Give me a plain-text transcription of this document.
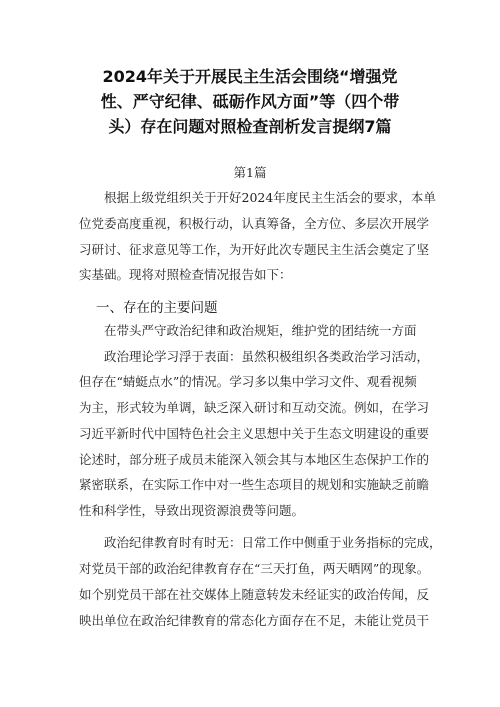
2024年关于开展民主生活会围绕“增强党
性、严守纪律、砥砺作风方面”等（四个带
头）存在问题对照检查剖析发言提纲7篇
第1篇
根据上级党组织关于开好2024年度民主生活会的要求，本单
位党委高度重视，积极行动，认真筹备，全方位、多层次开展学
习研讨、征求意见等工作，为开好此次专题民主生活会奠定了坚
实基础。现将对照检查情况报告如下：
一、存在的主要问题
在带头严守政治纪律和政治规矩，维护党的团结统一方面
政治理论学习浮于表面：虽然积极组织各类政治学习活动，
但存在“蜻蜓点水”的情况。学习多以集中学习文件、观看视频
为主，形式较为单调，缺乏深入研讨和互动交流。例如，在学习
习近平新时代中国特色社会主义思想中关于生态文明建设的重要
论述时，部分班子成员未能深入领会其与本地区生态保护工作的
紧密联系，在实际工作中对一些生态项目的规划和实施缺乏前瞻
性和科学性，导致出现资源浪费等问题。
政治纪律教育时有时无：日常工作中侧重于业务指标的完成，
对党员干部的政治纪律教育存在“三天打鱼，两天晒网”的现象。
如个别党员干部在社交媒体上随意转发未经证实的政治传闻，反
映出单位在政治纪律教育的常态化方面存在不足，未能让党员干
